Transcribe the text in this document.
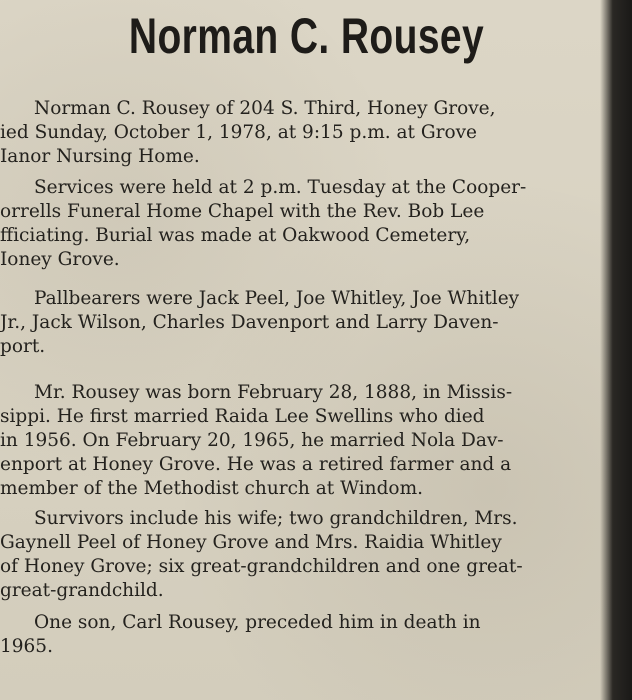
Norman C. Rousey
Norman C. Rousey of 204 S. Third, Honey Grove,
ied Sunday, October 1, 1978, at 9:15 p.m. at Grove
Ianor Nursing Home.
Services were held at 2 p.m. Tuesday at the Cooper-
orrells Funeral Home Chapel with the Rev. Bob Lee
fficiating. Burial was made at Oakwood Cemetery,
Ioney Grove.
Pallbearers were Jack Peel, Joe Whitley, Joe Whitley
Jr., Jack Wilson, Charles Davenport and Larry Daven-
port.
Mr. Rousey was born February 28, 1888, in Missis-
sippi. He first married Raida Lee Swellins who died
in 1956. On February 20, 1965, he married Nola Dav-
enport at Honey Grove. He was a retired farmer and a
member of the Methodist church at Windom.
Survivors include his wife; two grandchildren, Mrs.
Gaynell Peel of Honey Grove and Mrs. Raidia Whitley
of Honey Grove; six great-grandchildren and one great-
great-grandchild.
One son, Carl Rousey, preceded him in death in
1965.
